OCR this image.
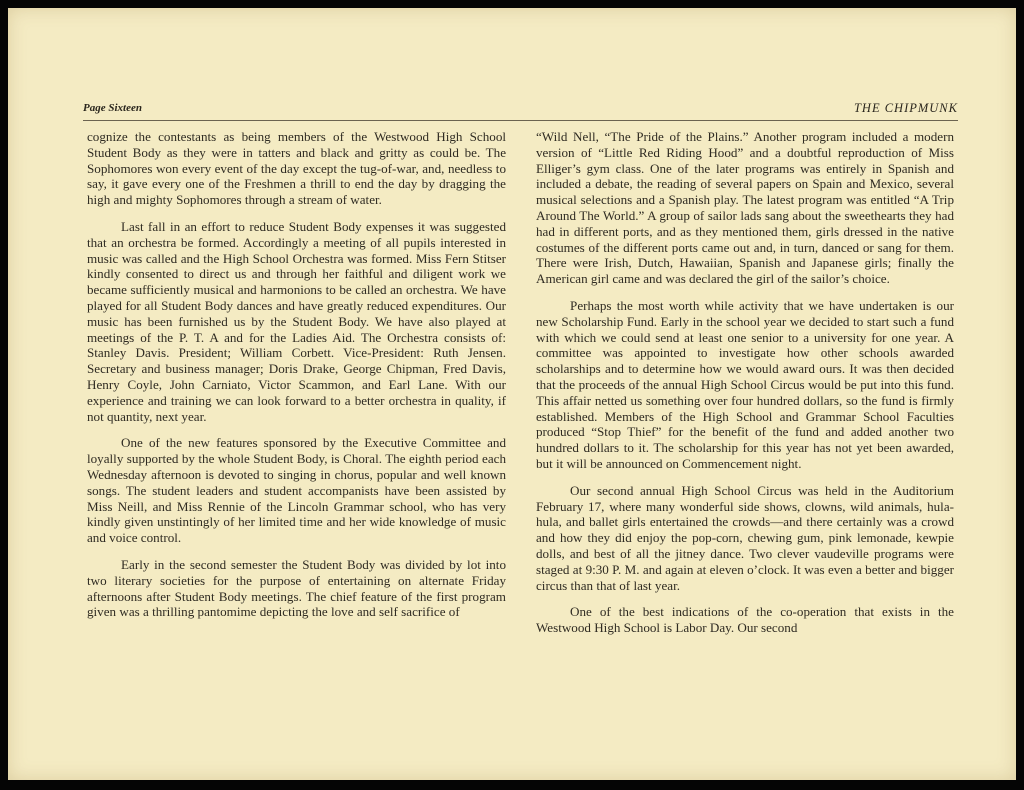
Page Sixteen	THE CHIPMUNK

cognize the contestants as being members of the Westwood High School Student Body as they were in tatters and black and gritty as could be. The Sophomores won every event of the day except the tug-of-war, and, needless to say, it gave every one of the Freshmen a thrill to end the day by dragging the high and mighty Sophomores through a stream of water.

Last fall in an effort to reduce Student Body expenses it was suggested that an orchestra be formed. Accordingly a meeting of all pupils interested in music was called and the High School Orchestra was formed. Miss Fern Stitser kindly consented to direct us and through her faithful and diligent work we became sufficiently musical and harmonions to be called an orchestra. We have played for all Student Body dances and have greatly reduced expenditures. Our music has been furnished us by the Student Body. We have also played at meetings of the P. T. A and for the Ladies Aid. The Orchestra consists of: Stanley Davis. President; William Corbett. Vice-President: Ruth Jensen. Secretary and business manager; Doris Drake, George Chipman, Fred Davis, Henry Coyle, John Carniato, Victor Scammon, and Earl Lane. With our experience and training we can look forward to a better orchestra in quality, if not quantity, next year.

One of the new features sponsored by the Executive Committee and loyally supported by the whole Student Body, is Choral. The eighth period each Wednesday afternoon is devoted to singing in chorus, popular and well known songs. The student leaders and student accompanists have been assisted by Miss Neill, and Miss Rennie of the Lincoln Grammar school, who has very kindly given unstintingly of her limited time and her wide knowledge of music and voice control.

Early in the second semester the Student Body was divided by lot into two literary societies for the purpose of entertaining on alternate Friday afternoons after Student Body meetings. The chief feature of the first program given was a thrilling pantomime depicting the love and self sacrifice of

“Wild Nell, “The Pride of the Plains.” Another program included a modern version of “Little Red Riding Hood” and a doubtful reproduction of Miss Elliger’s gym class. One of the later programs was entirely in Spanish and included a debate, the reading of several papers on Spain and Mexico, several musical selections and a Spanish play. The latest program was entitled “A Trip Around The World.” A group of sailor lads sang about the sweethearts they had had in different ports, and as they mentioned them, girls dressed in the native costumes of the different ports came out and, in turn, danced or sang for them. There were Irish, Dutch, Hawaiian, Spanish and Japanese girls; finally the American girl came and was declared the girl of the sailor’s choice.

Perhaps the most worth while activity that we have undertaken is our new Scholarship Fund. Early in the school year we decided to start such a fund with which we could send at least one senior to a university for one year. A committee was appointed to investigate how other schools awarded scholarships and to determine how we would award ours. It was then decided that the proceeds of the annual High School Circus would be put into this fund. This affair netted us something over four hundred dollars, so the fund is firmly established. Members of the High School and Grammar School Faculties produced “Stop Thief” for the benefit of the fund and added another two hundred dollars to it. The scholarship for this year has not yet been awarded, but it will be announced on Commencement night.

Our second annual High School Circus was held in the Auditorium February 17, where many wonderful side shows, clowns, wild animals, hula-hula, and ballet girls entertained the crowds—and there certainly was a crowd and how they did enjoy the pop-corn, chewing gum, pink lemonade, kewpie dolls, and best of all the jitney dance. Two clever vaudeville programs were staged at 9:30 P. M. and again at eleven o’clock. It was even a better and bigger circus than that of last year.

One of the best indications of the co-operation that exists in the Westwood High School is Labor Day. Our second
